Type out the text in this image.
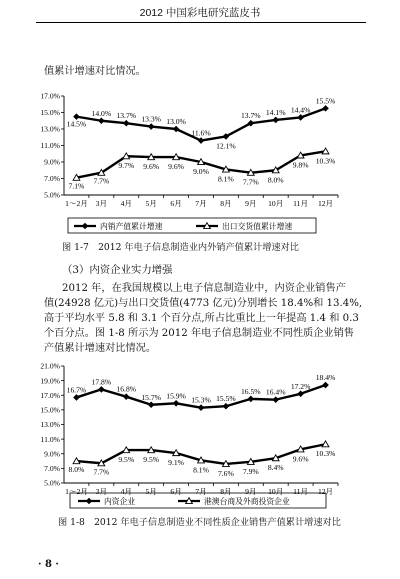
2012 中国彩电研究蓝皮书
值累计增速对比情况。
5.0%
7.0%
9.0%
11.0%
13.0%
15.0%
17.0%
1～2月 3月 4月 5月 6月 7月 8月 9月 10月 11月 12月
14.5%
14.0% 13.7% 13.3% 13.0%
11.6%
12.1%
13.7% 14.1% 14.4%
15.5%
7.1%
7.7%
9.7% 9.6% 9.6%
9.0%
8.1% 7.7% 8.0%
9.8% 10.3%
内销产值累计增速	出口交货值累计增速
图 1-7　2012 年电子信息制造业内外销产值累计增速对比
（3）内资企业实力增强
2012 年，在我国规模以上电子信息制造业中，内资企业销售产
值(24928 亿元)与出口交货值(4773 亿元)分别增长 18.4%和 13.4%,
高于平均水平 5.8 和 3.1 个百分点,所占比重比上一年提高 1.4 和 0.3
个百分点。图 1-8 所示为 2012 年电子信息制造业不同性质企业销售
产值累计增速对比情况。
5.0%
7.0%
9.0%
11.0%
13.0%
15.0%
17.0%
19.0%
21.0%
1～2月 3月 4月 5月 6月 7月 8月 9月 10月 11月 12月
16.7%
17.8%
16.8%
15.7% 15.9% 15.3% 15.5%
16.5% 16.4%
17.2%
18.4%
8.0% 7.7%
9.5% 9.5% 9.1%
8.1% 7.6% 7.9% 8.4%
9.6%
10.3%
内资企业	港澳台商及外商投资企业
图 1-8　2012 年电子信息制造业不同性质企业销售产值累计增速对比
· 8 ·
